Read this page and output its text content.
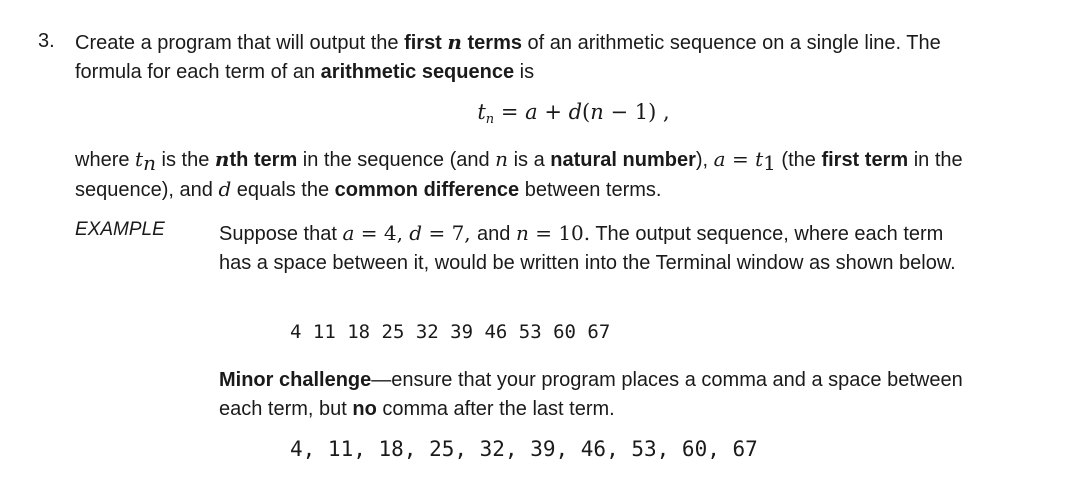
3. Create a program that will output the first n terms of an arithmetic sequence on a single line. The formula for each term of an arithmetic sequence is
$t_n = a + d(n - 1)$ ,
where $t_n$ is the nth term in the sequence (and n is a natural number), $a = t_1$ (the first term in the sequence), and d equals the common difference between terms.
EXAMPLE	Suppose that a = 4, d = 7, and n = 10. The output sequence, where each term has a space between it, would be written into the Terminal window as shown below.
4 11 18 25 32 39 46 53 60 67
Minor challenge—ensure that your program places a comma and a space between each term, but no comma after the last term.
4, 11, 18, 25, 32, 39, 46, 53, 60, 67
